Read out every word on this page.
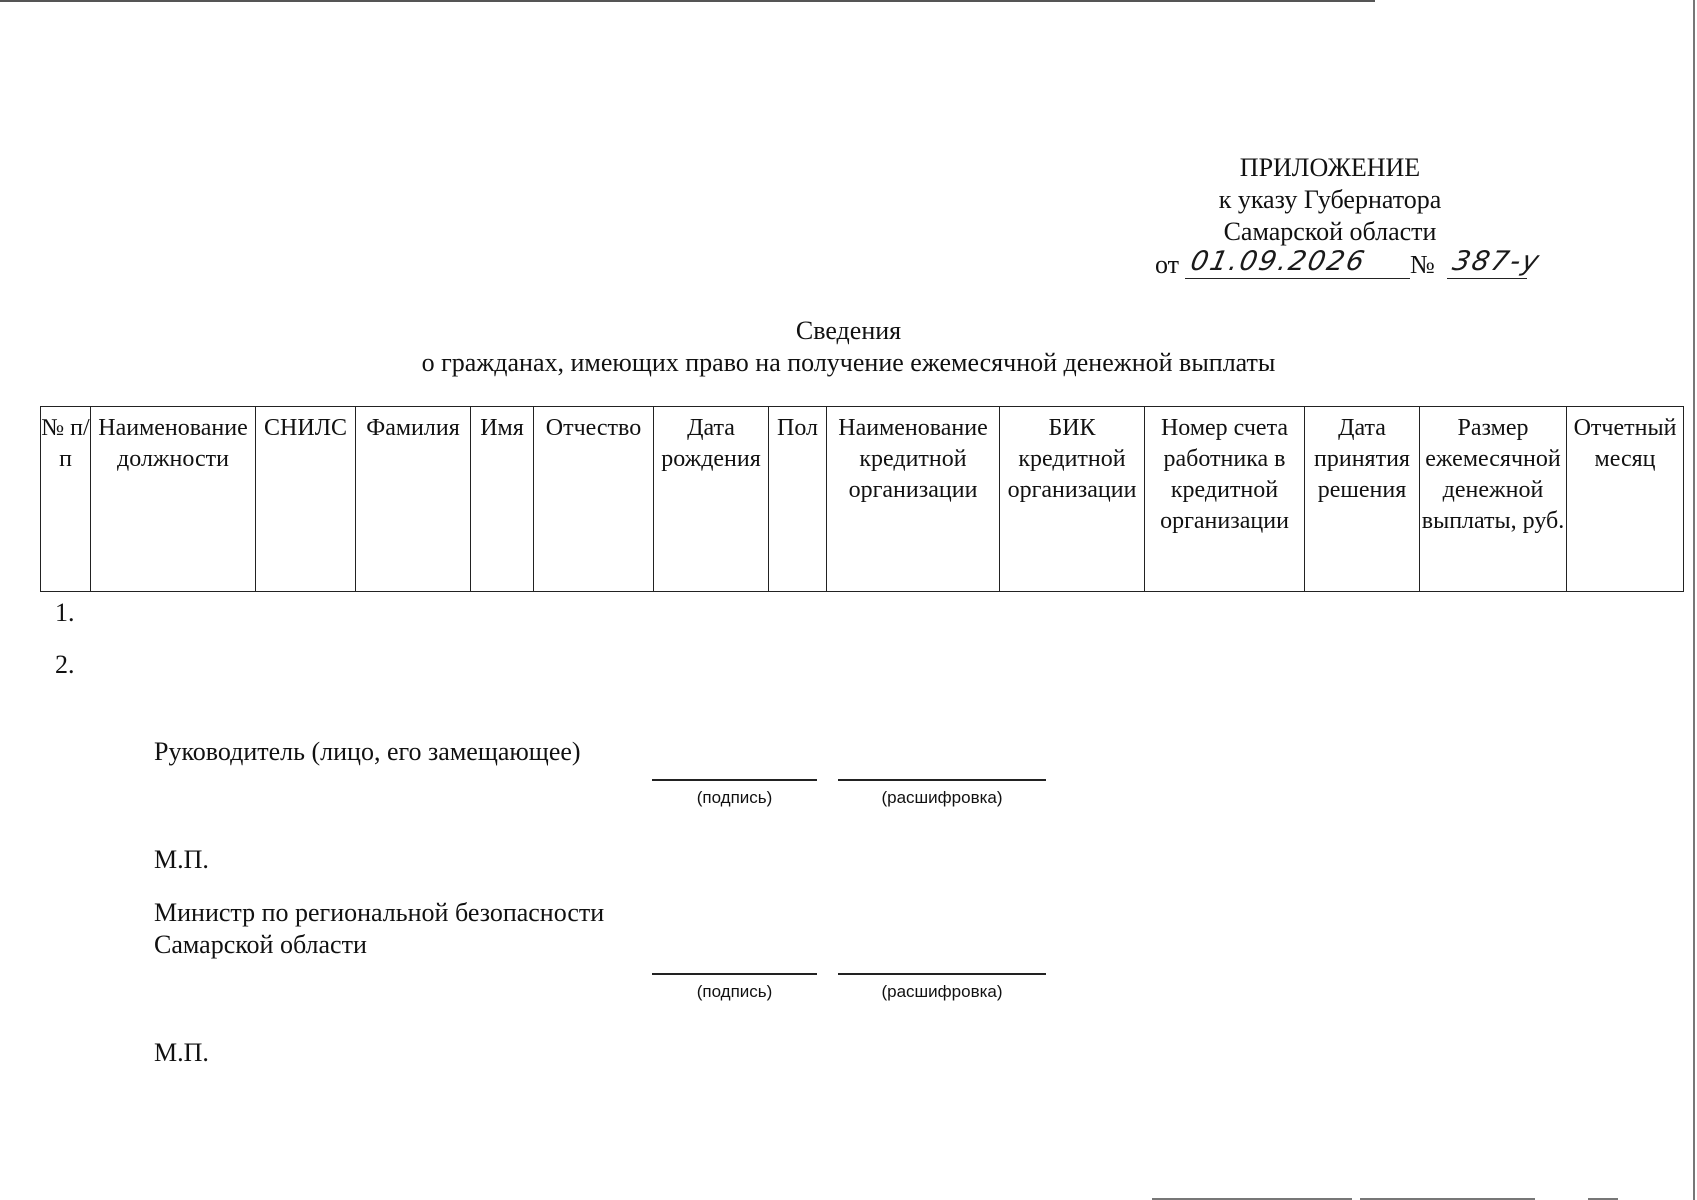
ПРИЛОЖЕНИЕ
к указу Губернатора
Самарской области
от 01.09.2026 № 387-у
Сведения
о гражданах, имеющих право на получение ежемесячной денежной выплаты
№ п/п	Наименование должности	СНИЛС	Фамилия	Имя	Отчество	Дата рождения	Пол	Наименование кредитной организации	БИК кредитной организации	Номер счета работника в кредитной организации	Дата принятия решения	Размер ежемесячной денежной выплаты, руб.	Отчетный месяц
1.
2.
Руководитель (лицо, его замещающее)
(подпись)	(расшифровка)
М.П.
Министр по региональной безопасности
Самарской области
(подпись)	(расшифровка)
М.П.
